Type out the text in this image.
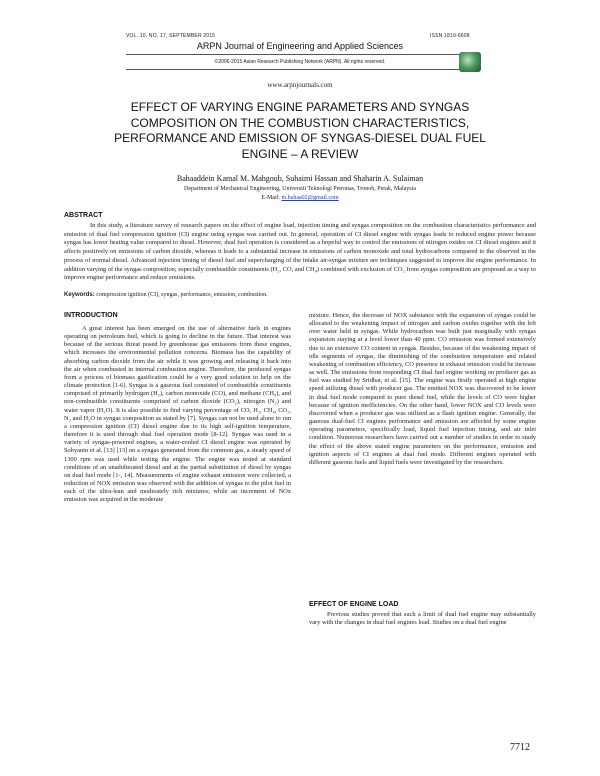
VOL. 10, NO. 17, SEPTEMBER 2015	ISSN 1819-6608
ARPN Journal of Engineering and Applied Sciences
©2006-2015 Asian Research Publishing Network (ARPN). All rights reserved.
www.arpnjournals.com
EFFECT OF VARYING ENGINE PARAMETERS AND SYNGAS
COMPOSITION ON THE COMBUSTION CHARACTERISTICS,
PERFORMANCE AND EMISSION OF SYNGAS-DIESEL DUAL FUEL
ENGINE – A REVIEW
Bahaaddein Kamal M. Mahgoub, Suhaimi Hassan and Shaharin A. Sulaiman
Department of Mechanical Engineering, Universiti Teknologi Petronas, Tronoh, Perak, Malaysia
E-Mail: m.bahaa02@gmail.com
ABSTRACT
In this study, a literature survey of research papers on the effect of engine load, injection timing and syngas composition on the combustion characteristics performance and emission of dual fuel compression ignition (CI) engine using syngas was carried out. In general, operation of CI diesel engine with syngas leads to reduced engine power because syngas has lower heating value compared to diesel. However, dual fuel operation is considered as a hopeful way to control the emissions of nitrogen oxides on CI diesel engines and it affects positively on emissions of carbon dioxide, whereas it leads to a substantial increase in emissions of carbon monoxide and total hydrocarbons compared to the observed in the process of normal diesel. Advanced injection timing of diesel fuel and supercharging of the intake air-syngas mixture are techniques suggested to improve the engine performance. In addition varying of the syngas composition; especially combustible constituents (H₂, CO, and CH₄) combined with exclusion of CO₂ from syngas composition are proposed as a way to improve engine performance and reduce emissions.
Keywords: compression ignition (CI), syngas, performance, emission, combustion.
INTRODUCTION
A great interest has been emerged on the use of alternative fuels in engines operating on petroleum fuel, which is going to decline in the future. That interest was because of the serious threat posed by greenhouse gas emissions from these engines, which increases the environmental pollution concerns. Biomass has the capability of absorbing carbon dioxide from the air while it was growing and releasing it back into the air when combusted in internal combustion engine. Therefore, the produced syngas from a process of biomass gasification could be a very good solution to help on the climate protection [1-6]. Syngas is a gaseous fuel consisted of combustible constituents comprised of primarily hydrogen (H₂), carbon monoxide (CO), and methane (CH₄), and non-combustible constituents comprised of carbon dioxide (CO₂), nitrogen (N₂) and water vapor (H₂O). It is also possible to find varying percentage of CO, H₂, CH₄, CO₂, N₂ and H₂O in syngas composition as stated by [7]. Syngas can not be used alone to run a compression ignition (CI) diesel engine due to its high self-ignition temperature, therefore it is used through dual fuel operation mode [8-12]. Syngas was used in a variety of syngas-powered engines, a water-cooled CI diesel engine was operated by Sobyanin et al. [13] [13] on a syngas generated from the common gas, a steady speed of 1300 rpm was used while testing the engine. The engine was tested at standard conditions of an unadulterated diesel and at the partial substitution of diesel by syngas on dual fuel mode [1-, 14]. Measurements of engine exhaust emission were collected, a reduction of NOX emission was observed with the addition of syngas to the pilot fuel in each of the ultra-lean and moderately rich mixtures; while an increment of NOx emission was acquired in the moderate
mixture. Hence, the decrease of NOX substance with the expansion of syngas could be allocated to the weakening impact of nitrogen and carbon oxides together with the left over water held in syngas. While hydrocarbon was built just marginally with syngas expansion staying at a level lower than 40 ppm. CO emission was formed extensively due to an extensive CO content in syngas. Besides, because of the weakening impact of idle segments of syngas, the diminishing of the combustion temperature and related weakening of combustion efficiency, CO presence in exhaust emission could be increase as well. The emissions from responding CI dual fuel engine working on producer gas as fuel was studied by Sridhar, et al. [15]. The engine was firstly operated at high engine speed utilizing diesel with producer gas. The emitted NOX was discovered to be lower in dual fuel mode compared to pure diesel fuel, while the levels of CO were higher because of ignition inefficiencies. On the other hand, lower NOX and CO levels were discovered when a producer gas was utilized as a flash ignition engine. Generally, the gaseous dual-fuel CI engines performance and emission are affected by some engine operating parameters, specifically load, liquid fuel injection timing, and air inlet condition. Numerous researchers have carried out a number of studies in order to study the effect of the above stated engine parameters on the performance, emission and ignition aspects of CI engines at dual fuel mode. Different engines operated with different gaseous fuels and liquid fuels were investigated by the researchers.
EFFECT OF ENGINE LOAD
Previous studies proved that such a limit of dual fuel engine may substantially vary with the changes in dual fuel engines load. Studies on a dual fuel engine
7712
